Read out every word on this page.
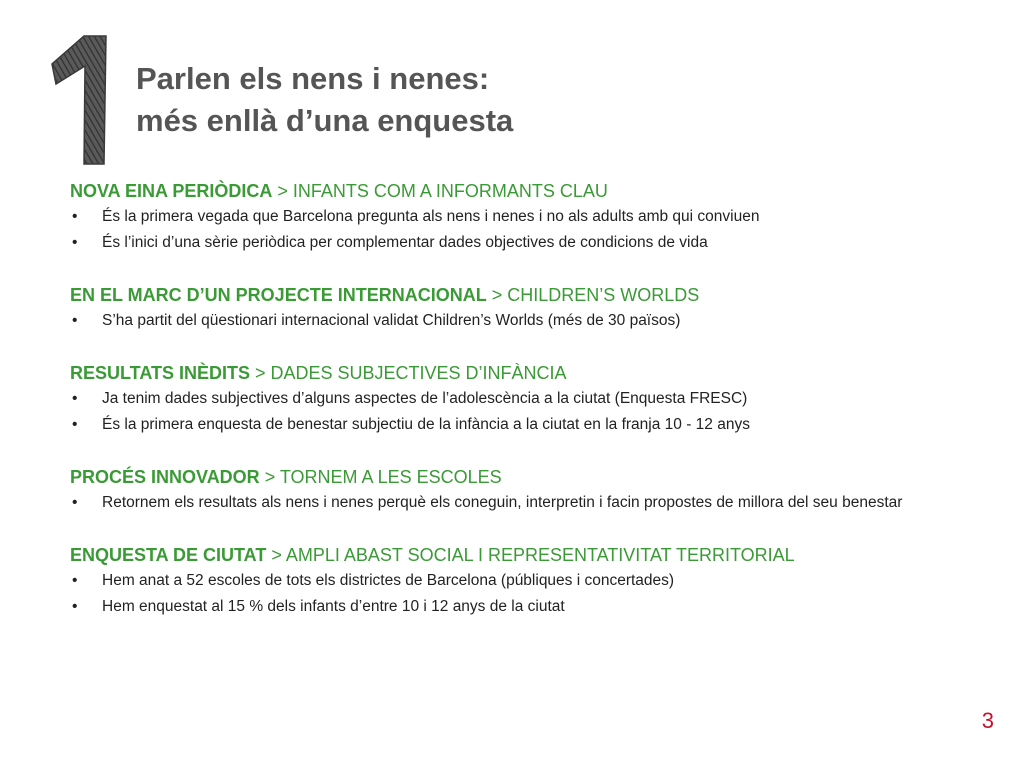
Parlen els nens i nenes:
més enllà d’una enquesta
NOVA EINA PERIÒDICA > INFANTS COM A INFORMANTS CLAU
• És la primera vegada que Barcelona pregunta als nens i nenes i no als adults amb qui conviuen
• És l’inici d’una sèrie periòdica per complementar dades objectives de condicions de vida
EN EL MARC D’UN PROJECTE INTERNACIONAL > CHILDREN’S WORLDS
• S’ha partit del qüestionari internacional validat Children’s Worlds (més de 30 països)
RESULTATS INÈDITS > DADES SUBJECTIVES D’INFÀNCIA
• Ja tenim dades subjectives d’alguns aspectes de l’adolescència a la ciutat (Enquesta FRESC)
• És la primera enquesta de benestar subjectiu de la infància a la ciutat en la franja 10 - 12 anys
PROCÉS INNOVADOR > TORNEM A LES ESCOLES
• Retornem els resultats als nens i nenes perquè els coneguin, interpretin i facin propostes de millora del seu benestar
ENQUESTA DE CIUTAT > AMPLI ABAST SOCIAL I REPRESENTATIVITAT TERRITORIAL
• Hem anat a 52 escoles de tots els districtes de Barcelona (públiques i concertades)
• Hem enquestat al 15 % dels infants d’entre 10 i 12 anys de la ciutat
3
